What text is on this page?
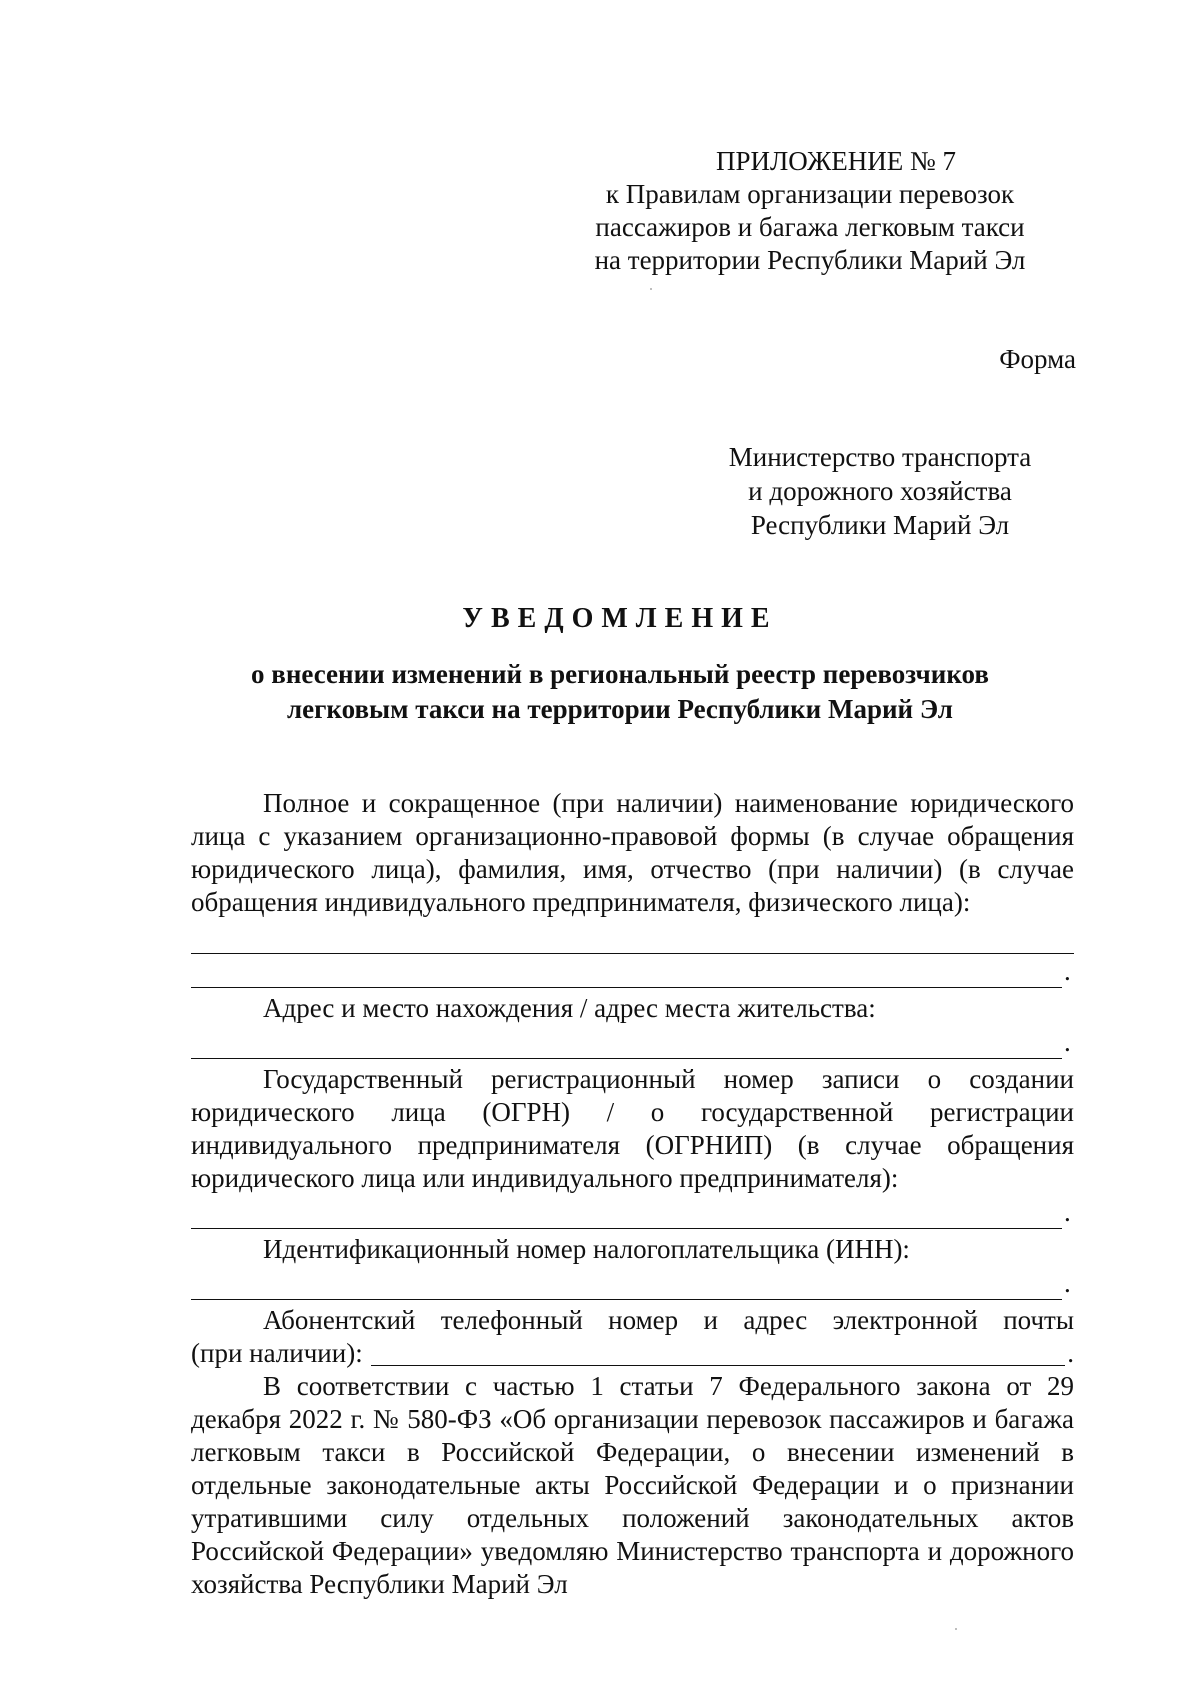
ПРИЛОЖЕНИЕ № 7
к Правилам организации перевозок
пассажиров и багажа легковым такси
на территории Республики Марий Эл
Форма
Министерство транспорта
и дорожного хозяйства
Республики Марий Эл
УВЕДОМЛЕНИЕ
о внесении изменений в региональный реестр перевозчиков
легковым такси на территории Республики Марий Эл

Полное и сокращенное (при наличии) наименование юридического лица с указанием организационно-правовой формы (в случае обращения юридического лица), фамилия, имя, отчество (при наличии) (в случае обращения индивидуального предпринимателя, физического лица):

.

Адрес и место нахождения / адрес места жительства:

.

Государственный регистрационный номер записи о создании юридического лица (ОГРН) / о государственной регистрации индивидуального предпринимателя (ОГРНИП) (в случае обращения юридического лица или индивидуального предпринимателя):

.

Идентификационный номер налогоплательщика (ИНН):

.

Абонентский телефонный номер и адрес электронной почты

(при наличии):	.

В соответствии с частью 1 статьи 7 Федерального закона от 29 декабря 2022 г. № 580-ФЗ «Об организации перевозок пассажиров и багажа легковым такси в Российской Федерации, о внесении изменений в отдельные законодательные акты Российской Федерации и о признании утратившими силу отдельных положений законодательных актов Российской Федерации» уведомляю Министерство транспорта и дорожного хозяйства Республики Марий Эл
